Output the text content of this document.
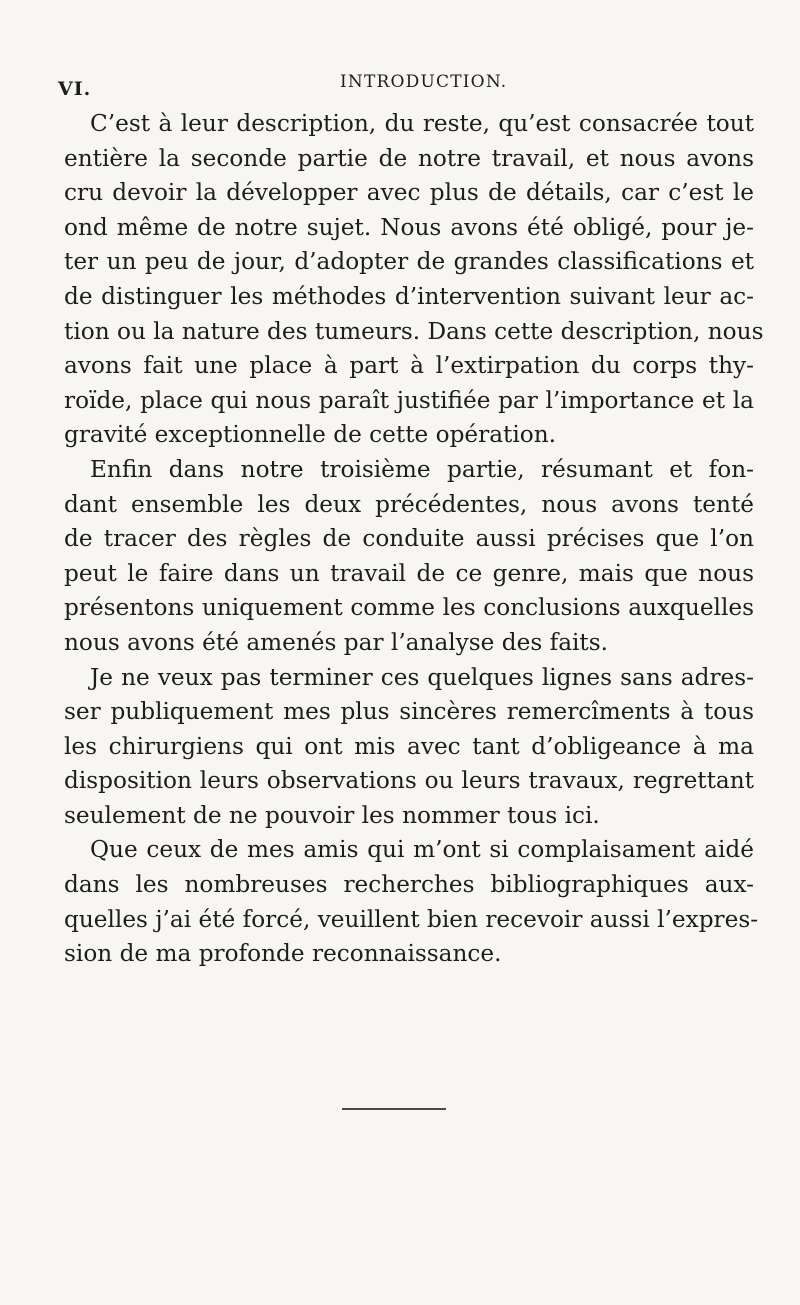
VI.	INTRODUCTION.
C’est à leur description, du reste, qu’est consacrée tout
entière la seconde partie de notre travail, et nous avons
cru devoir la développer avec plus de détails, car c’est le
ond même de notre sujet. Nous avons été obligé, pour je-
ter un peu de jour, d’adopter de grandes classifications et
de distinguer les méthodes d’intervention suivant leur ac-
tion ou la nature des tumeurs. Dans cette description, nous
avons fait une place à part à l’extirpation du corps thy-
roïde, place qui nous paraît justifiée par l’importance et la
gravité exceptionnelle de cette opération.
Enfin dans notre troisième partie, résumant et fon-
dant ensemble les deux précédentes, nous avons tenté
de tracer des règles de conduite aussi précises que l’on
peut le faire dans un travail de ce genre, mais que nous
présentons uniquement comme les conclusions auxquelles
nous avons été amenés par l’analyse des faits.
Je ne veux pas terminer ces quelques lignes sans adres-
ser publiquement mes plus sincères remercîments à tous
les chirurgiens qui ont mis avec tant d’obligeance à ma
disposition leurs observations ou leurs travaux, regrettant
seulement de ne pouvoir les nommer tous ici.
Que ceux de mes amis qui m’ont si complaisament aidé
dans les nombreuses recherches bibliographiques aux-
quelles j’ai été forcé, veuillent bien recevoir aussi l’expres-
sion de ma profonde reconnaissance.
